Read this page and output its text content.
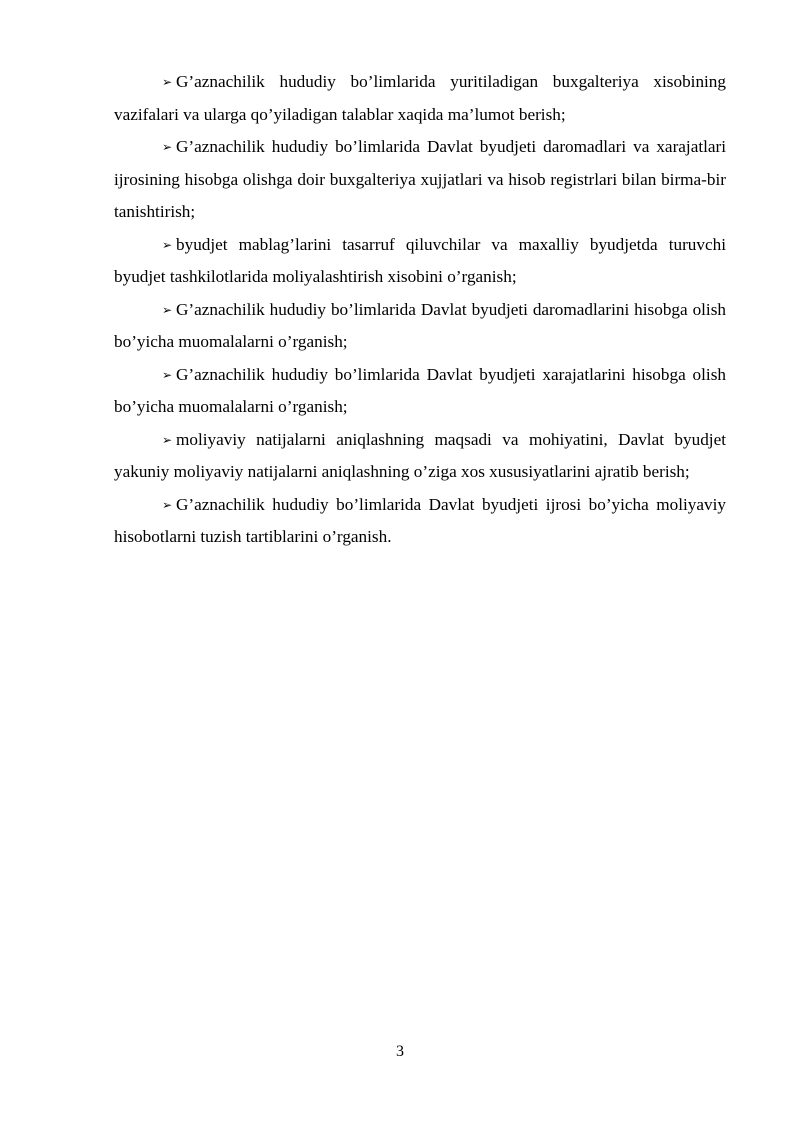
➢ G’aznachilik hududiy bo’limlarida yuritiladigan buxgalteriya xisobining vazifalari va ularga qo’yiladigan talablar xaqida ma’lumot berish;

➢ G’aznachilik hududiy bo’limlarida Davlat byudjeti daromadlari va xarajatlari ijrosining hisobga olishga doir buxgalteriya xujjatlari va hisob registrlari bilan birma-bir tanishtirish;

➢ byudjet mablag’larini tasarruf qiluvchilar va maxalliy byudjetda turuvchi byudjet tashkilotlarida moliyalashtirish xisobini o’rganish;

➢ G’aznachilik hududiy bo’limlarida Davlat byudjeti daromadlarini hisobga olish bo’yicha muomalalarni o’rganish;

➢ G’aznachilik hududiy bo’limlarida Davlat byudjeti xarajatlarini hisobga olish bo’yicha muomalalarni o’rganish;

➢ moliyaviy natijalarni aniqlashning maqsadi va mohiyatini, Davlat byudjet yakuniy moliyaviy natijalarni aniqlashning o’ziga xos xususiyatlarini ajratib berish;

➢ G’aznachilik hududiy bo’limlarida Davlat byudjeti ijrosi bo’yicha moliyaviy hisobotlarni tuzish tartiblarini o’rganish.

3
